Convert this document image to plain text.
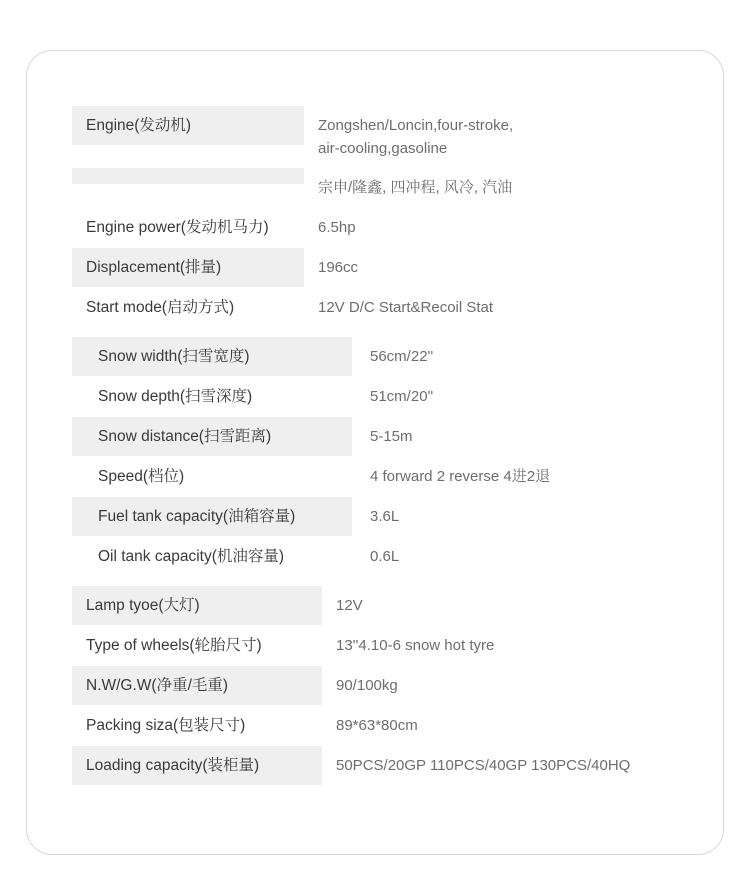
Engine(发动机)	Zongshen/Loncin,four-stroke,
air-cooling,gasoline
宗申/隆鑫, 四冲程, 风冷, 汽油
Engine power(发动机马力)	6.5hp
Displacement(排量)	196cc
Start mode(启动方式)	12V D/C Start&Recoil Stat
Snow width(扫雪宽度)	56cm/22''
Snow depth(扫雪深度)	51cm/20''
Snow distance(扫雪距离)	5-15m
Speed(档位)	4 forward 2 reverse 4进2退
Fuel tank capacity(油箱容量)	3.6L
Oil tank capacity(机油容量)	0.6L
Lamp tyoe(大灯)	12V
Type of wheels(轮胎尺寸)	13''4.10-6 snow hot tyre
N.W/G.W(净重/毛重)	90/100kg
Packing siza(包装尺寸)	89*63*80cm
Loading capacity(装柜量)	50PCS/20GP 110PCS/40GP 130PCS/40HQ
